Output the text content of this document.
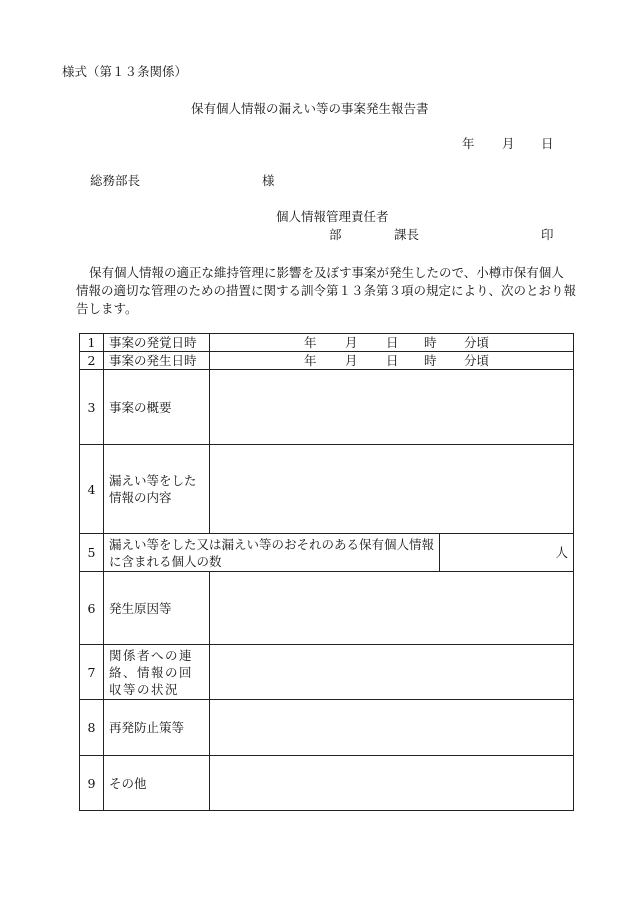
様式（第１３条関係）
保有個人情報の漏えい等の事案発生報告書
年 月 日
総務部長	様
個人情報管理責任者
部	課長	印
保有個人情報の適正な維持管理に影響を及ぼす事案が発生したので、小樽市保有個人情報の適切な管理のための措置に関する訓令第１３条第３項の規定により、次のとおり報告します。
1	事案の発覚日時	年 月 日 時 分頃	

2	事案の発生日時	年 月 日 時 分頃	

3	事案の概要		
4	漏えい等をした情報の内容		
5	漏えい等をした又は漏えい等のおそれのある保有個人情報に含まれる個人の数		人
6	発生原因等		
7	関係者への連絡、情報の回収等の状況		
8	再発防止策等		
9	その他		
